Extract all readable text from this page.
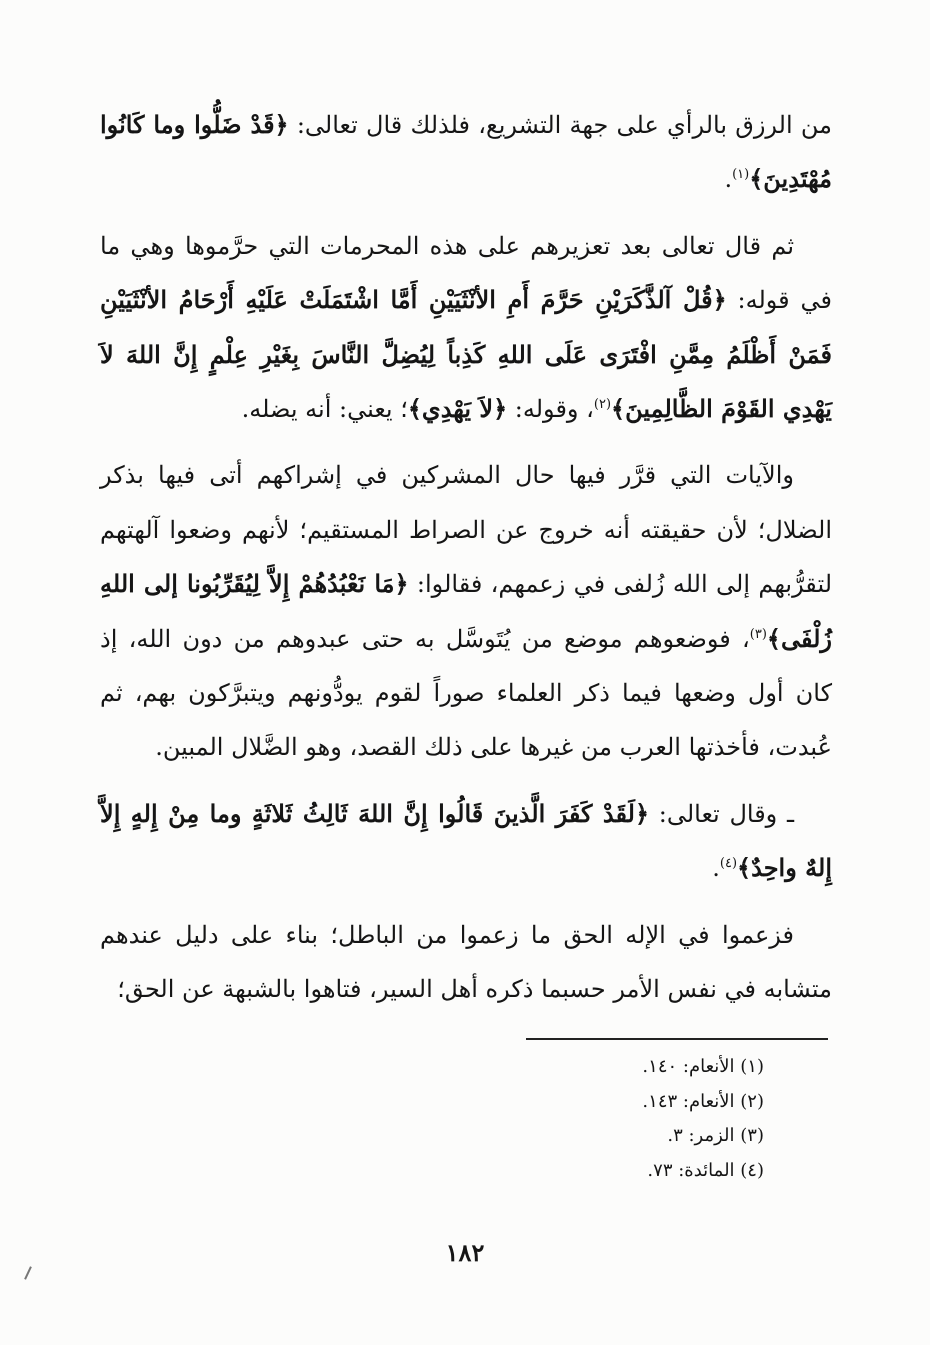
من الرزق بالرأي على جهة التشريع، فلذلك قال تعالى: ﴿قَدْ ضَلُّوا وما كَانُوا مُهْتَدِينَ﴾$^{(١)}$.

ثم قال تعالى بعد تعزيرهم على هذه المحرمات التي حرَّموها وهي ما في قوله: ﴿قُلْ آلذَّكَرَيْنِ حَرَّمَ أَمِ الأنْثَيَيْنِ أَمَّا اشْتَمَلَتْ عَلَيْهِ أَرْحَامُ الأنْثَيَيْنِ فَمَنْ أَظْلَمُ مِمَّنِ افْتَرَى عَلَى اللهِ كَذِباً لِيُضِلَّ النَّاسَ بِغَيْرِ عِلْمٍ إِنَّ اللهَ لاَ يَهْدِي القَوْمَ الظَّالِمِينَ﴾$^{(٢)}$، وقوله: ﴿لاَ يَهْدِي﴾؛ يعني: أنه يضله.

والآيات التي قرَّر فيها حال المشركين في إشراكهم أتى فيها بذكر الضلال؛ لأن حقيقته أنه خروج عن الصراط المستقيم؛ لأنهم وضعوا آلهتهم لتقرُّبهم إلى الله زُلفى في زعمهم، فقالوا: ﴿مَا نَعْبُدُهُمْ إِلاَّ لِيُقَرِّبُونا إلى اللهِ زُلْفَى﴾$^{(٣)}$، فوضعوهم موضع من يُتَوسَّل به حتى عبدوهم من دون الله، إذ كان أول وضعها فيما ذكر العلماء صوراً لقوم يودُّونهم ويتبرَّكون بهم، ثم عُبدت، فأخذتها العرب من غيرها على ذلك القصد، وهو الضَّلال المبين.

ـ وقال تعالى: ﴿لَقَدْ كَفَرَ الَّذينَ قَالُوا إِنَّ اللهَ ثَالِثُ ثَلاثَةٍ وما مِنْ إِلهٍ إِلاَّ إِلهٌ واحِدٌ﴾$^{(٤)}$.

فزعموا في الإله الحق ما زعموا من الباطل؛ بناء على دليل عندهم متشابه في نفس الأمر حسبما ذكره أهل السير، فتاهوا بالشبهة عن الحق؛

(١) الأنعام: ١٤٠.
(٢) الأنعام: ١٤٣.
(٣) الزمر: ٣.
(٤) المائدة: ٧٣.
١٨٢
